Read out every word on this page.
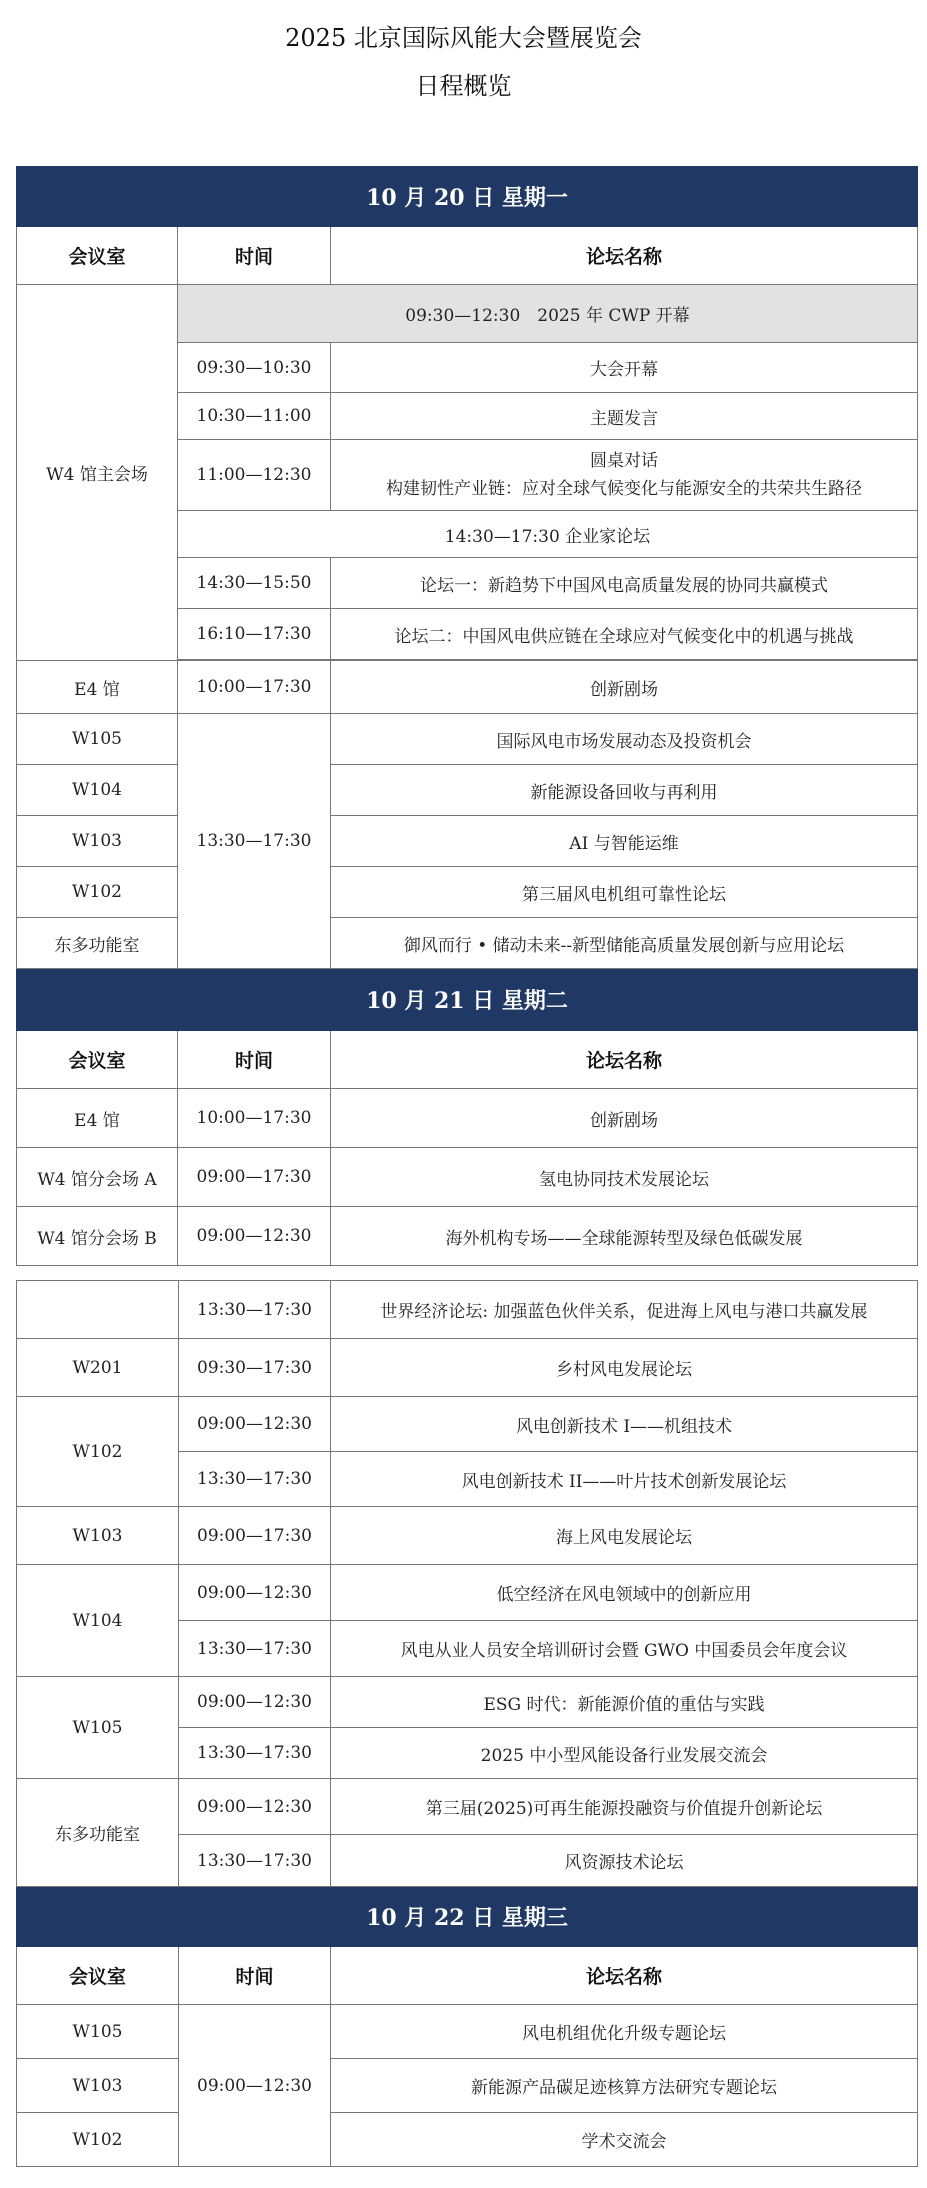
2025 北京国际风能大会暨展览会
日程概览
10 月 20 日 星期一		
会议室	时间	论坛名称
W4 馆主会场	09:30—12:30　2025 年 CWP 开幕	
	09:30—10:30	大会开幕
	10:30—11:00	主题发言
	11:00—12:30	圆桌对话
构建韧性产业链：应对全球气候变化与能源安全的共荣共生路径

	14:30—17:30 企业家论坛	
	14:30—15:50	论坛一：新趋势下中国风电高质量发展的协同共赢模式
	16:10—17:30	论坛二：中国风电供应链在全球应对气候变化中的机遇与挑战

E4 馆	10:00—17:30	创新剧场
W105	13:30—17:30	国际风电市场发展动态及投资机会
W104		新能源设备回收与再利用
W103		AI 与智能运维
W102		第三届风电机组可靠性论坛
东多功能室		御风而行 • 储动未来--新型储能高质量发展创新与应用论坛
10 月 21 日 星期二		
会议室	时间	论坛名称
E4 馆	10:00—17:30	创新剧场
W4 馆分会场 A	09:00—17:30	氢电协同技术发展论坛
W4 馆分会场 B	09:00—12:30	海外机构专场——全球能源转型及绿色低碳发展
	13:30—17:30	世界经济论坛: 加强蓝色伙伴关系，促进海上风电与港口共赢发展
W201	09:30—17:30	乡村风电发展论坛
W102	09:00—12:30	风电创新技术 I——机组技术
	13:30—17:30	风电创新技术 II——叶片技术创新发展论坛
W103	09:00—17:30	海上风电发展论坛
W104	09:00—12:30	低空经济在风电领域中的创新应用
	13:30—17:30	风电从业人员安全培训研讨会暨 GWO 中国委员会年度会议
W105	09:00—12:30	ESG 时代：新能源价值的重估与实践
	13:30—17:30	2025 中小型风能设备行业发展交流会
东多功能室	09:00—12:30	第三届(2025)可再生能源投融资与价值提升创新论坛
	13:30—17:30	风资源技术论坛
10 月 22 日 星期三		
会议室	时间	论坛名称
W105	09:00—12:30	风电机组优化升级专题论坛
W103		新能源产品碳足迹核算方法研究专题论坛
W102		学术交流会
